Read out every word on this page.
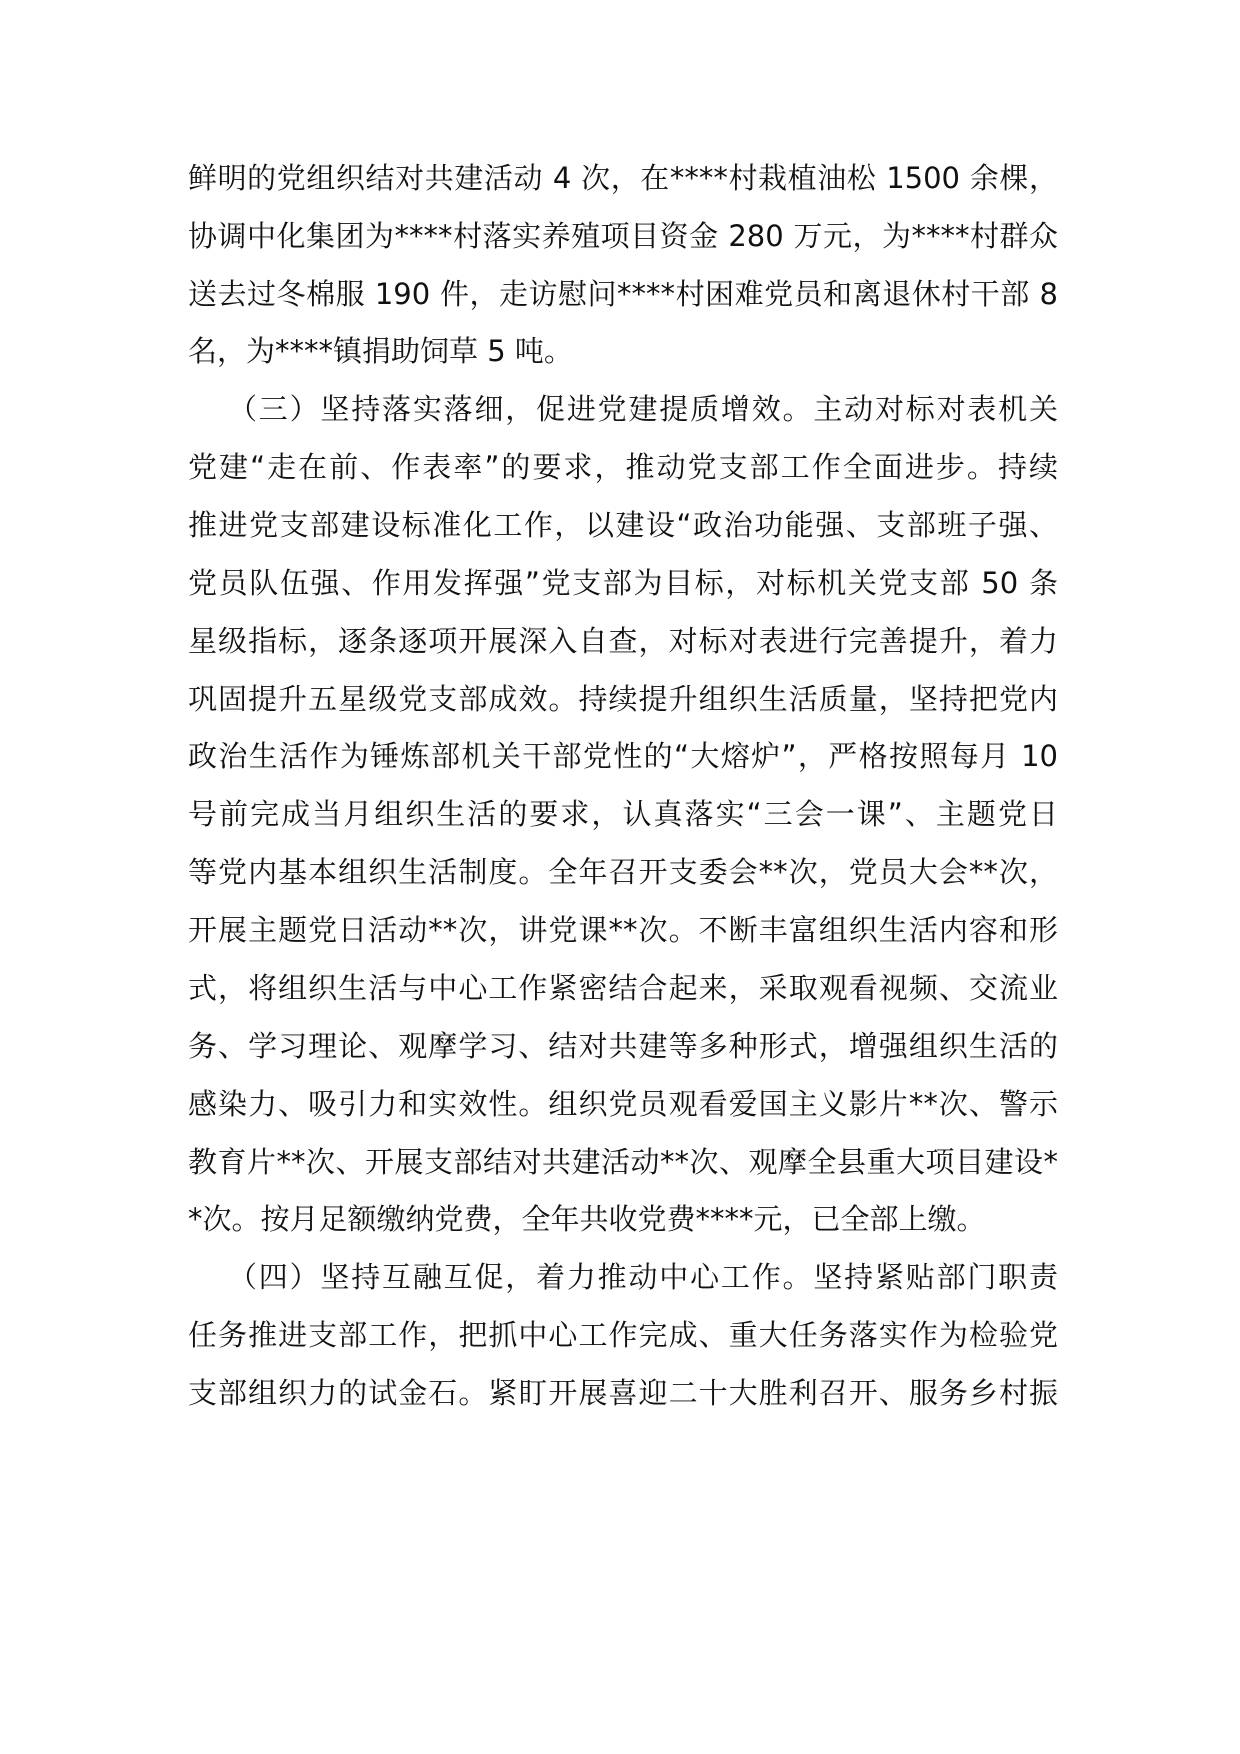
鲜明的党组织结对共建活动 4 次，在****村栽植油松 1500 余棵，
协调中化集团为****村落实养殖项目资金 280 万元，为****村群众
送去过冬棉服 190 件，走访慰问****村困难党员和离退休村干部 8
名，为****镇捐助饲草 5 吨。
（三）坚持落实落细，促进党建提质增效。主动对标对表机关
党建“走在前、作表率”的要求，推动党支部工作全面进步。持续
推进党支部建设标准化工作，以建设“政治功能强、支部班子强、
党员队伍强、作用发挥强”党支部为目标，对标机关党支部 50 条
星级指标，逐条逐项开展深入自查，对标对表进行完善提升，着力
巩固提升五星级党支部成效。持续提升组织生活质量，坚持把党内
政治生活作为锤炼部机关干部党性的“大熔炉”，严格按照每月 10
号前完成当月组织生活的要求，认真落实“三会一课”、主题党日
等党内基本组织生活制度。全年召开支委会**次，党员大会**次，
开展主题党日活动**次，讲党课**次。不断丰富组织生活内容和形
式，将组织生活与中心工作紧密结合起来，采取观看视频、交流业
务、学习理论、观摩学习、结对共建等多种形式，增强组织生活的
感染力、吸引力和实效性。组织党员观看爱国主义影片**次、警示
教育片**次、开展支部结对共建活动**次、观摩全县重大项目建设*
*次。按月足额缴纳党费，全年共收党费****元，已全部上缴。
（四）坚持互融互促，着力推动中心工作。坚持紧贴部门职责
任务推进支部工作，把抓中心工作完成、重大任务落实作为检验党
支部组织力的试金石。紧盯开展喜迎二十大胜利召开、服务乡村振
